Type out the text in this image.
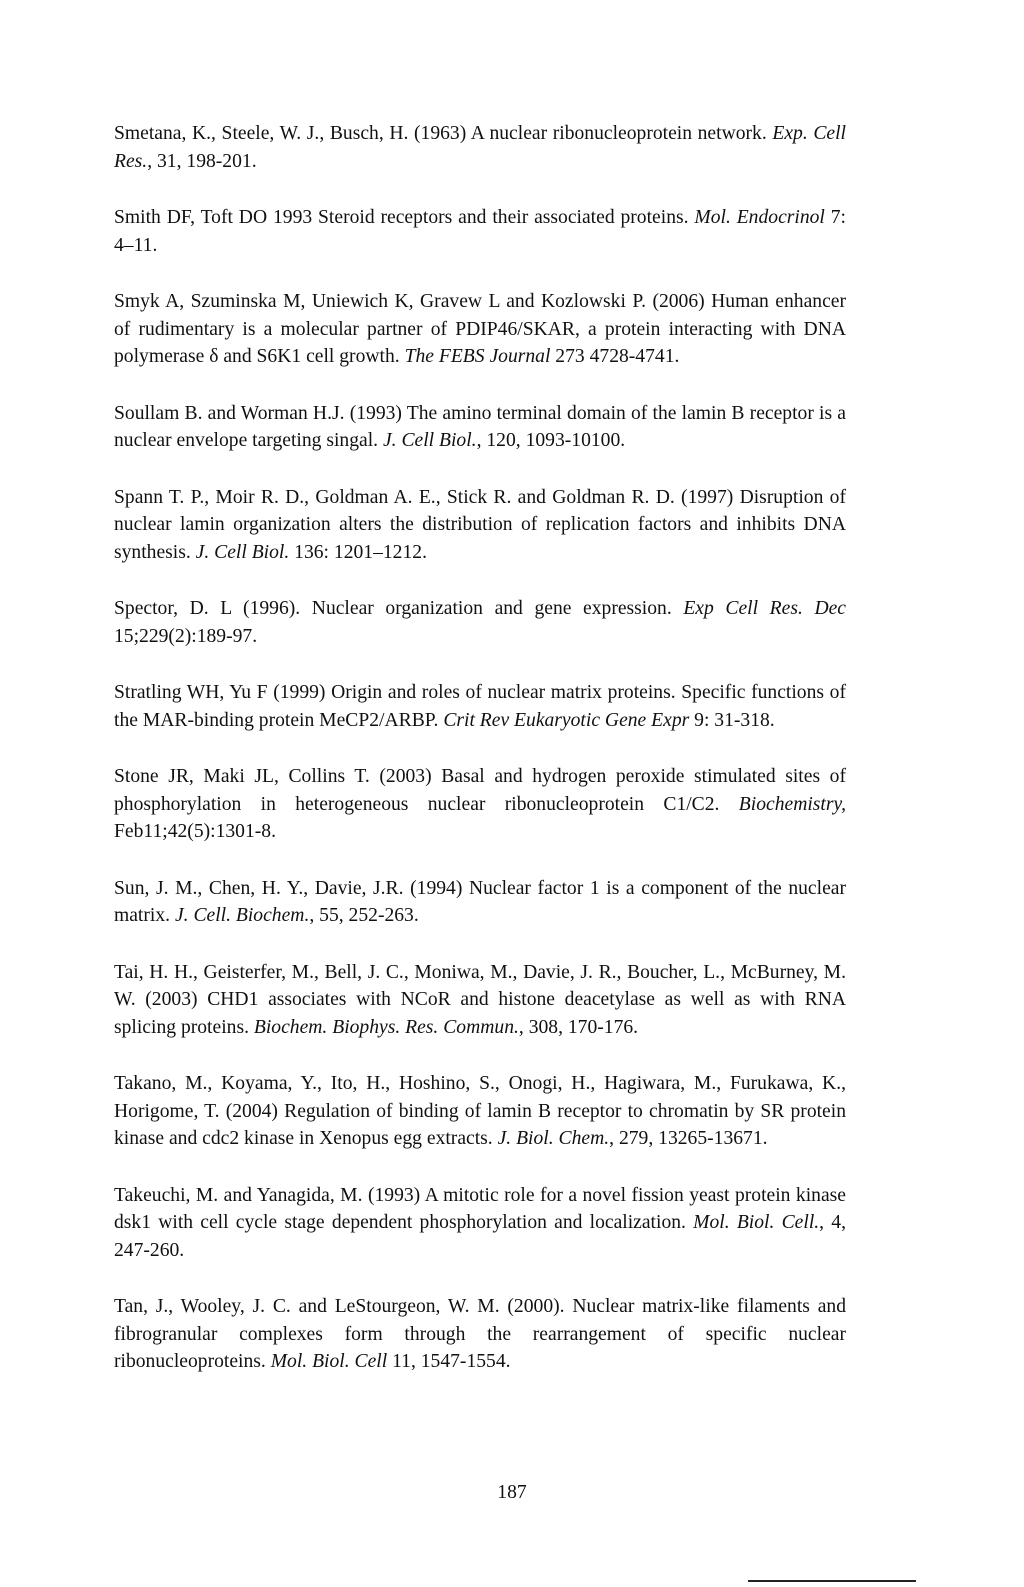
Smetana, K., Steele, W. J., Busch, H. (1963) A nuclear ribonucleoprotein network. Exp. Cell Res., 31, 198-201.

Smith DF, Toft DO 1993 Steroid receptors and their associated proteins. Mol. Endocrinol 7: 4–11.

Smyk A, Szuminska M, Uniewich K, Gravew L and Kozlowski P. (2006) Human enhancer of rudimentary is a molecular partner of PDIP46/SKAR, a protein interacting with DNA polymerase δ and S6K1 cell growth. The FEBS Journal 273 4728-4741.

Soullam B. and Worman H.J. (1993) The amino terminal domain of the lamin B receptor is a nuclear envelope targeting singal. J. Cell Biol., 120, 1093-10100.

Spann T. P., Moir R. D., Goldman A. E., Stick R. and Goldman R. D. (1997) Disruption of nuclear lamin organization alters the distribution of replication factors and inhibits DNA synthesis. J. Cell Biol. 136: 1201–1212.

Spector, D. L (1996). Nuclear organization and gene expression. Exp Cell Res. Dec 15;229(2):189-97.

Stratling WH, Yu F (1999) Origin and roles of nuclear matrix proteins. Specific functions of the MAR-binding protein MeCP2/ARBP. Crit Rev Eukaryotic Gene Expr 9: 31-318.

Stone JR, Maki JL, Collins T. (2003) Basal and hydrogen peroxide stimulated sites of phosphorylation in heterogeneous nuclear ribonucleoprotein C1/C2. Biochemistry, Feb11;42(5):1301-8.

Sun, J. M., Chen, H. Y., Davie, J.R. (1994) Nuclear factor 1 is a component of the nuclear matrix. J. Cell. Biochem., 55, 252-263.

Tai, H. H., Geisterfer, M., Bell, J. C., Moniwa, M., Davie, J. R., Boucher, L., McBurney, M. W. (2003) CHD1 associates with NCoR and histone deacetylase as well as with RNA splicing proteins. Biochem. Biophys. Res. Commun., 308, 170-176.

Takano, M., Koyama, Y., Ito, H., Hoshino, S., Onogi, H., Hagiwara, M., Furukawa, K., Horigome, T. (2004) Regulation of binding of lamin B receptor to chromatin by SR protein kinase and cdc2 kinase in Xenopus egg extracts. J. Biol. Chem., 279, 13265-13671.

Takeuchi, M. and Yanagida, M. (1993) A mitotic role for a novel fission yeast protein kinase dsk1 with cell cycle stage dependent phosphorylation and localization. Mol. Biol. Cell., 4, 247-260.

Tan, J., Wooley, J. C. and LeStourgeon, W. M. (2000). Nuclear matrix-like filaments and fibrogranular complexes form through the rearrangement of specific nuclear ribonucleoproteins. Mol. Biol. Cell 11, 1547-1554.

187
